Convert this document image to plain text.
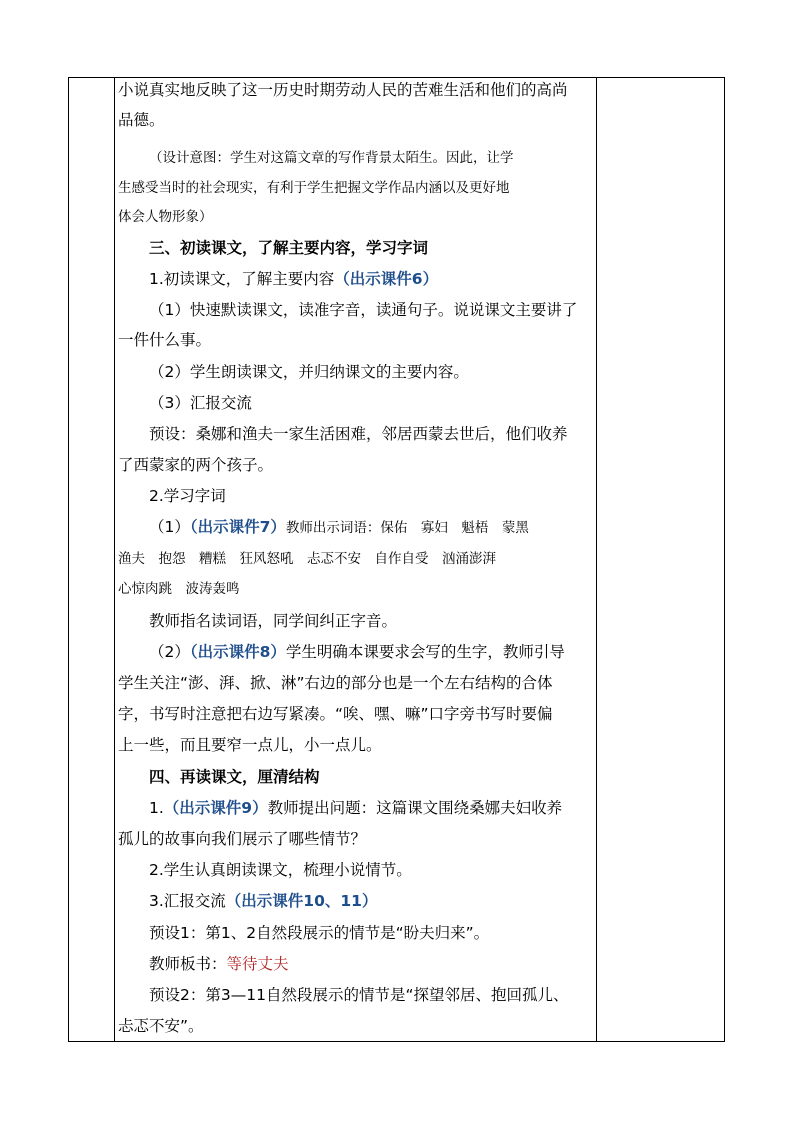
小说真实地反映了这一历史时期劳动人民的苦难生活和他们的高尚
品德。
（设计意图：学生对这篇文章的写作背景太陌生。因此，让学
生感受当时的社会现实，有利于学生把握文学作品内涵以及更好地
体会人物形象）
三、初读课文，了解主要内容，学习字词
1.初读课文，了解主要内容（出示课件6）
（1）快速默读课文，读准字音，读通句子。说说课文主要讲了
一件什么事。
（2）学生朗读课文，并归纳课文的主要内容。
（3）汇报交流
预设：桑娜和渔夫一家生活困难，邻居西蒙去世后，他们收养
了西蒙家的两个孩子。
2.学习字词
（1）（出示课件7）教师出示词语：保佑　寡妇　魁梧　蒙黑
渔夫　抱怨　糟糕　狂风怒吼　忐忑不安　自作自受　汹涌澎湃
心惊肉跳　波涛轰鸣
教师指名读词语，同学间纠正字音。
（2）（出示课件8）学生明确本课要求会写的生字，教师引导
学生关注“澎、湃、掀、淋”右边的部分也是一个左右结构的合体
字，书写时注意把右边写紧凑。“唉、嘿、嘛”口字旁书写时要偏
上一些，而且要窄一点儿，小一点儿。
四、再读课文，厘清结构
1.（出示课件9）教师提出问题：这篇课文围绕桑娜夫妇收养
孤儿的故事向我们展示了哪些情节？
2.学生认真朗读课文，梳理小说情节。
3.汇报交流（出示课件10、11）
预设1：第1、2自然段展示的情节是“盼夫归来”。
教师板书：等待丈夫
预设2：第3—11自然段展示的情节是“探望邻居、抱回孤儿、
忐忑不安”。
